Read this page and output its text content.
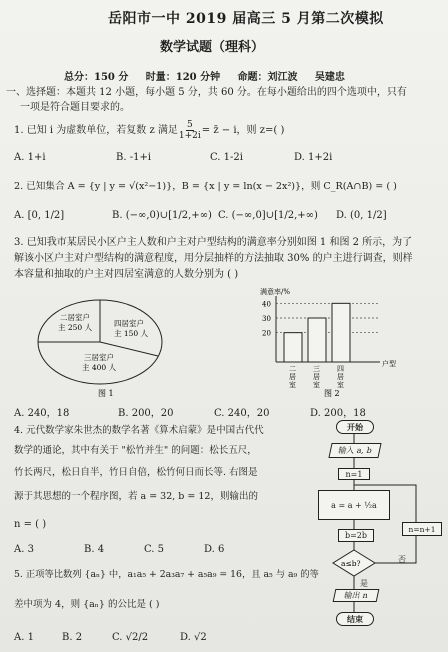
岳阳市一中 2019 届高三 5 月第二次模拟
数学试题（理科）
总分：150 分     时量：120 分钟     命题：刘江波     吴建忠
一、选择题：本题共 12 小题，每小题 5 分，共 60 分。在每小题给出的四个选项中，只有
一项是符合题目要求的。
1. 已知 i 为虚数单位，若复数 z 满足 $\frac{5}{1+2i}$ = z̄ − i，则 z=( )
A. 1+i	B. -1+i	C. 1-2i	D. 1+2i
2. 已知集合 A = {y | y = √(x²−1)}，B = {x | y = ln(x − 2x²)}，则 C_R(A∩B) = ( )
A. [0, 1/2]	B. (−∞,0)∪[1/2,+∞) C. (−∞,0]∪[1/2,+∞) D. (0, 1/2]
3. 已知我市某居民小区户主人数和户主对户型结构的满意率分别如图 1 和图 2 所示，为了
解该小区户主对户型结构的满意程度，用分层抽样的方法抽取 30% 的户主进行调查，则样
本容量和抽取的户主对四居室满意的人数分别为 ( )
二居室户
主 250 人	四居室户
主 150 人
三居室户
主 400 人
图 1
满意率/%
户型
40
30
20
二
居
室
三
居
室
四
居
室
图 2
A. 240，18	B. 200，20	C. 240，20	D. 200，18
4. 元代数学家朱世杰的数学名著《算术启蒙》是中国古代代
数学的通论，其中有关于 "松竹并生" 的问题：松长五尺，
竹长两尺，松日自半，竹日自倍，松竹何日而长等. 右图是
源于其思想的一个程序图，若 a = 32, b = 12，则输出的
n = ( )
A. 3	B. 4	C. 5	D. 6
开始
输入 a, b
n=1
a = a + ½a
b=2b
n=n+1
a≤b?	否
是
输出 n
结束
5. 正项等比数列 {aₙ} 中，a₁a₅ + 2a₃a₇ + a₅a₉ = 16，且 a₅ 与 a₉ 的等
差中项为 4，则 {aₙ} 的公比是 ( )
A. 1	B. 2	C. √2/2	D. √2
